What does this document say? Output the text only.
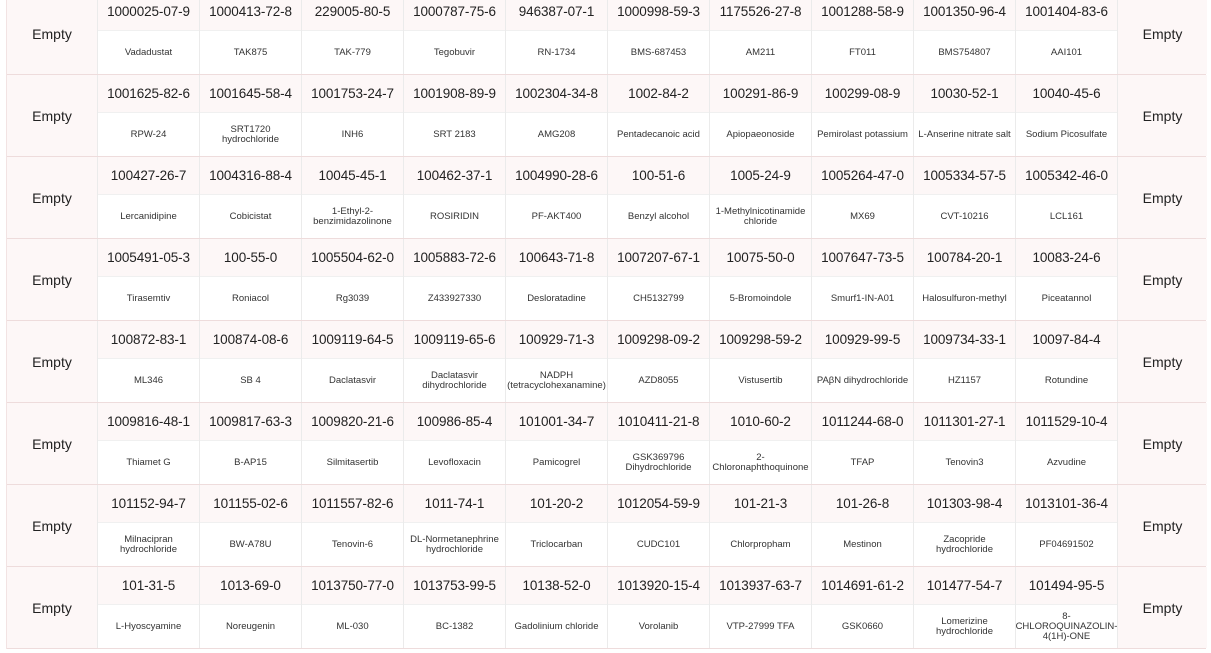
Empty
1000025-07-9
Vadadustat
1000413-72-8
TAK875
229005-80-5
TAK-779
1000787-75-6
Tegobuvir
946387-07-1
RN-1734
1000998-59-3
BMS-687453
1175526-27-8
AM211
1001288-58-9
FT011
1001350-96-4
BMS754807
1001404-83-6
AAI101
Empty
Empty
1001625-82-6
RPW-24
1001645-58-4
SRT1720 hydrochloride
1001753-24-7
INH6
1001908-89-9
SRT 2183
1002304-34-8
AMG208
1002-84-2
Pentadecanoic acid
100291-86-9
Apiopaeonoside
100299-08-9
Pemirolast potassium
10030-52-1
L-Anserine nitrate salt
10040-45-6
Sodium Picosulfate
Empty
Empty
100427-26-7
Lercanidipine
1004316-88-4
Cobicistat
10045-45-1
1-Ethyl-2-benzimidazolinone
100462-37-1
ROSIRIDIN
1004990-28-6
PF-AKT400
100-51-6
Benzyl alcohol
1005-24-9
1-Methylnicotinamide chloride
1005264-47-0
MX69
1005334-57-5
CVT-10216
1005342-46-0
LCL161
Empty
Empty
1005491-05-3
Tirasemtiv
100-55-0
Roniacol
1005504-62-0
Rg3039
1005883-72-6
Z433927330
100643-71-8
Desloratadine
1007207-67-1
CH5132799
10075-50-0
5-Bromoindole
1007647-73-5
Smurf1-IN-A01
100784-20-1
Halosulfuron-methyl
10083-24-6
Piceatannol
Empty
Empty
100872-83-1
ML346
100874-08-6
SB 4
1009119-64-5
Daclatasvir
1009119-65-6
Daclatasvir dihydrochloride
100929-71-3
NADPH (tetracyclohexanamine)
1009298-09-2
AZD8055
1009298-59-2
Vistusertib
100929-99-5
PAβN dihydrochloride
1009734-33-1
HZ1157
10097-84-4
Rotundine
Empty
Empty
1009816-48-1
Thiamet G
1009817-63-3
B-AP15
1009820-21-6
Silmitasertib
100986-85-4
Levofloxacin
101001-34-7
Pamicogrel
1010411-21-8
GSK369796 Dihydrochloride
1010-60-2
2-Chloronaphthoquinone
1011244-68-0
TFAP
1011301-27-1
Tenovin3
1011529-10-4
Azvudine
Empty
Empty
101152-94-7
Milnacipran hydrochloride
101155-02-6
BW-A78U
1011557-82-6
Tenovin-6
1011-74-1
DL-Normetanephrine hydrochloride
101-20-2
Triclocarban
1012054-59-9
CUDC101
101-21-3
Chlorpropham
101-26-8
Mestinon
101303-98-4
Zacopride hydrochloride
1013101-36-4
PF04691502
Empty
Empty
101-31-5
L-Hyoscyamine
1013-69-0
Noreugenin
1013750-77-0
ML-030
1013753-99-5
BC-1382
10138-52-0
Gadolinium chloride
1013920-15-4
Vorolanib
1013937-63-7
VTP-27999 TFA
1014691-61-2
GSK0660
101477-54-7
Lomerizine hydrochloride
101494-95-5
8-CHLOROQUINAZOLIN-4(1H)-ONE
Empty
